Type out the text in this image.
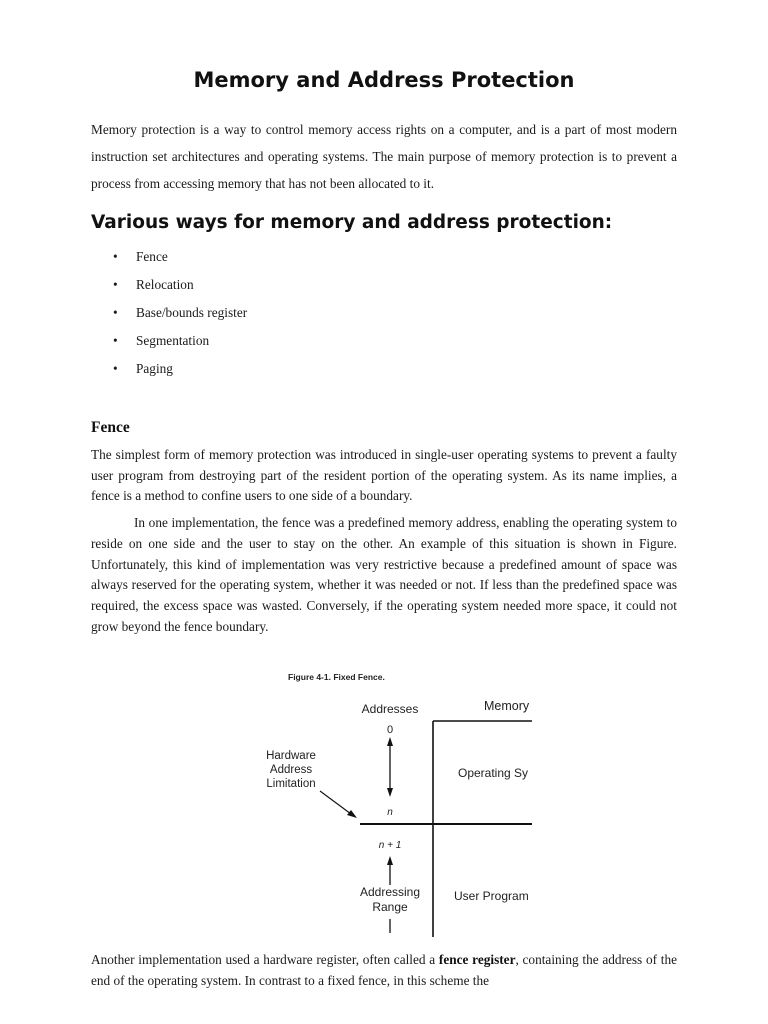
Memory and Address Protection
Memory protection is a way to control memory access rights on a computer, and is a part of most modern instruction set architectures and operating systems. The main purpose of memory protection is to prevent a process from accessing memory that has not been allocated to it.
Various ways for memory and address protection:
• Fence
• Relocation
• Base/bounds register
• Segmentation
• Paging
Fence
The simplest form of memory protection was introduced in single-user operating systems to prevent a faulty user program from destroying part of the resident portion of the operating system. As its name implies, a fence is a method to confine users to one side of a boundary.
In one implementation, the fence was a predefined memory address, enabling the operating system to reside on one side and the user to stay on the other. An example of this situation is shown in Figure. Unfortunately, this kind of implementation was very restrictive because a predefined amount of space was always reserved for the operating system, whether it was needed or not. If less than the predefined space was required, the excess space was wasted. Conversely, if the operating system needed more space, it could not grow beyond the fence boundary.
Figure 4-1. Fixed Fence.
Addresses	Memory
0
n
Hardware
Address
Limitation
n + 1
Addressing
Range
Operating Sy
User Program
Another implementation used a hardware register, often called a fence register, containing the address of the end of the operating system. In contrast to a fixed fence, in this scheme the
